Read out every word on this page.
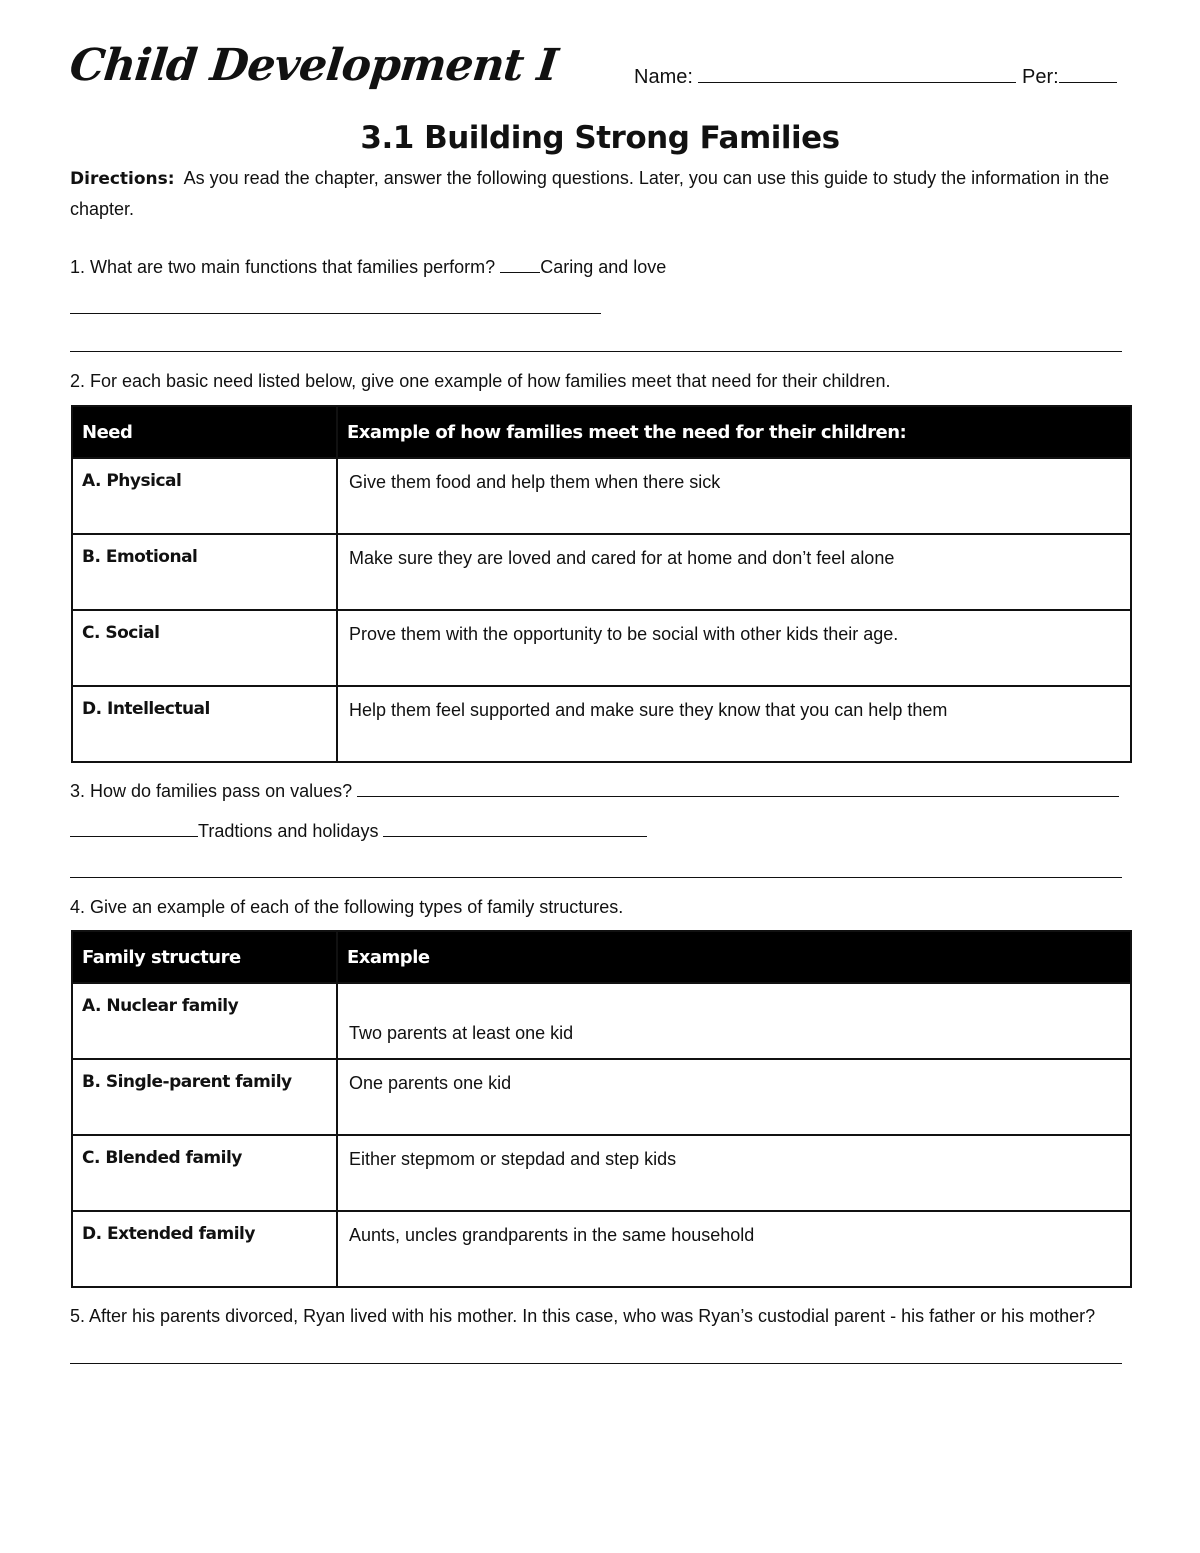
Child Development I	Name:	Per:
3.1 Building Strong Families
Directions: As you read the chapter, answer the following questions. Later, you can use this guide to study the information in the chapter.
1. What are two main functions that families perform?	Caring and love
2. For each basic need listed below, give one example of how families meet that need for their children.
Need	Example of how families meet the need for their children:
A. Physical	Give them food and help them when there sick
B. Emotional	Make sure they are loved and cared for at home and don’t feel alone
C. Social	Prove them with the opportunity to be social with other kids their age.
D. Intellectual	Help them feel supported and make sure they know that you can help them
3. How do families pass on values?
Tradtions and holidays
4. Give an example of each of the following types of family structures.
Family structure	Example
A. Nuclear family	Two parents at least one kid
B. Single-parent family	One parents one kid
C. Blended family	Either stepmom or stepdad and step kids
D. Extended family	Aunts, uncles grandparents in the same household
5. After his parents divorced, Ryan lived with his mother. In this case, who was Ryan’s custodial parent - his father or his mother?
